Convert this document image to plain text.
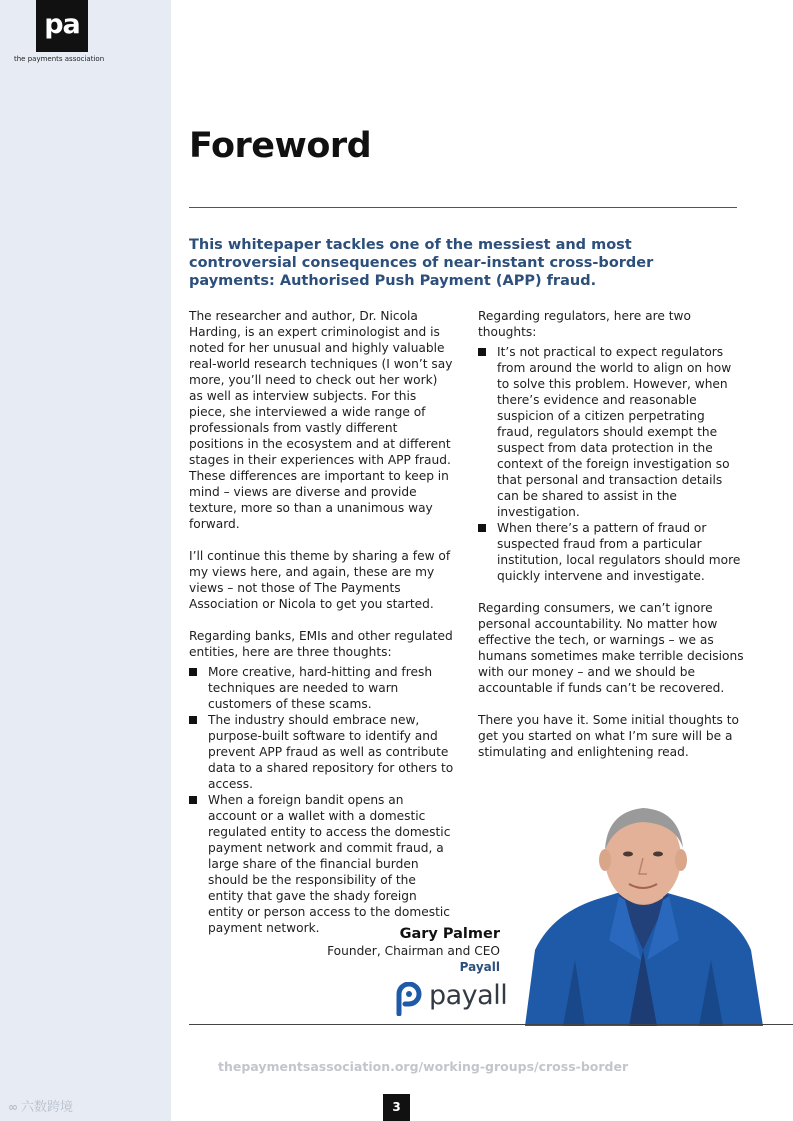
pa
the payments association
∞ 六数跨境
Foreword
This whitepaper tackles one of the messiest and most controversial consequences of near-instant cross-border payments: Authorised Push Payment (APP) fraud.

The researcher and author, Dr. Nicola Harding, is an expert criminologist and is noted for her unusual and highly valuable real-world research techniques (I won’t say more, you’ll need to check out her work) as well as interview subjects. For this piece, she interviewed a wide range of professionals from vastly different positions in the ecosystem and at different stages in their experiences with APP fraud. These differences are important to keep in mind – views are diverse and provide texture, more so than a unanimous way forward.

I’ll continue this theme by sharing a few of my views here, and again, these are my views – not those of The Payments Association or Nicola to get you started.

Regarding banks, EMIs and other regulated entities, here are three thoughts:

More creative, hard-hitting and fresh techniques are needed to warn customers of these scams.
The industry should embrace new, purpose-built software to identify and prevent APP fraud as well as contribute data to a shared repository for others to access.
When a foreign bandit opens an account or a wallet with a domestic regulated entity to access the domestic payment network and commit fraud, a large share of the financial burden should be the responsibility of the entity that gave the shady foreign entity or person access to the domestic payment network.

Regarding regulators, here are two thoughts:

It’s not practical to expect regulators from around the world to align on how to solve this problem. However, when there’s evidence and reasonable suspicion of a citizen perpetrating fraud, regulators should exempt the suspect from data protection in the context of the foreign investigation so that personal and transaction details can be shared to assist in the investigation.
When there’s a pattern of fraud or suspected fraud from a particular institution, local regulators should more quickly intervene and investigate.

Regarding consumers, we can’t ignore personal accountability. No matter how effective the tech, or warnings – we as humans sometimes make terrible decisions with our money – and we should be accountable if funds can’t be recovered.

There you have it. Some initial thoughts to get you started on what I’m sure will be a stimulating and enlightening read.

Gary Palmer
Founder, Chairman and CEO
Payall
payall
thepaymentsassociation.org/working-groups/cross-border
3
